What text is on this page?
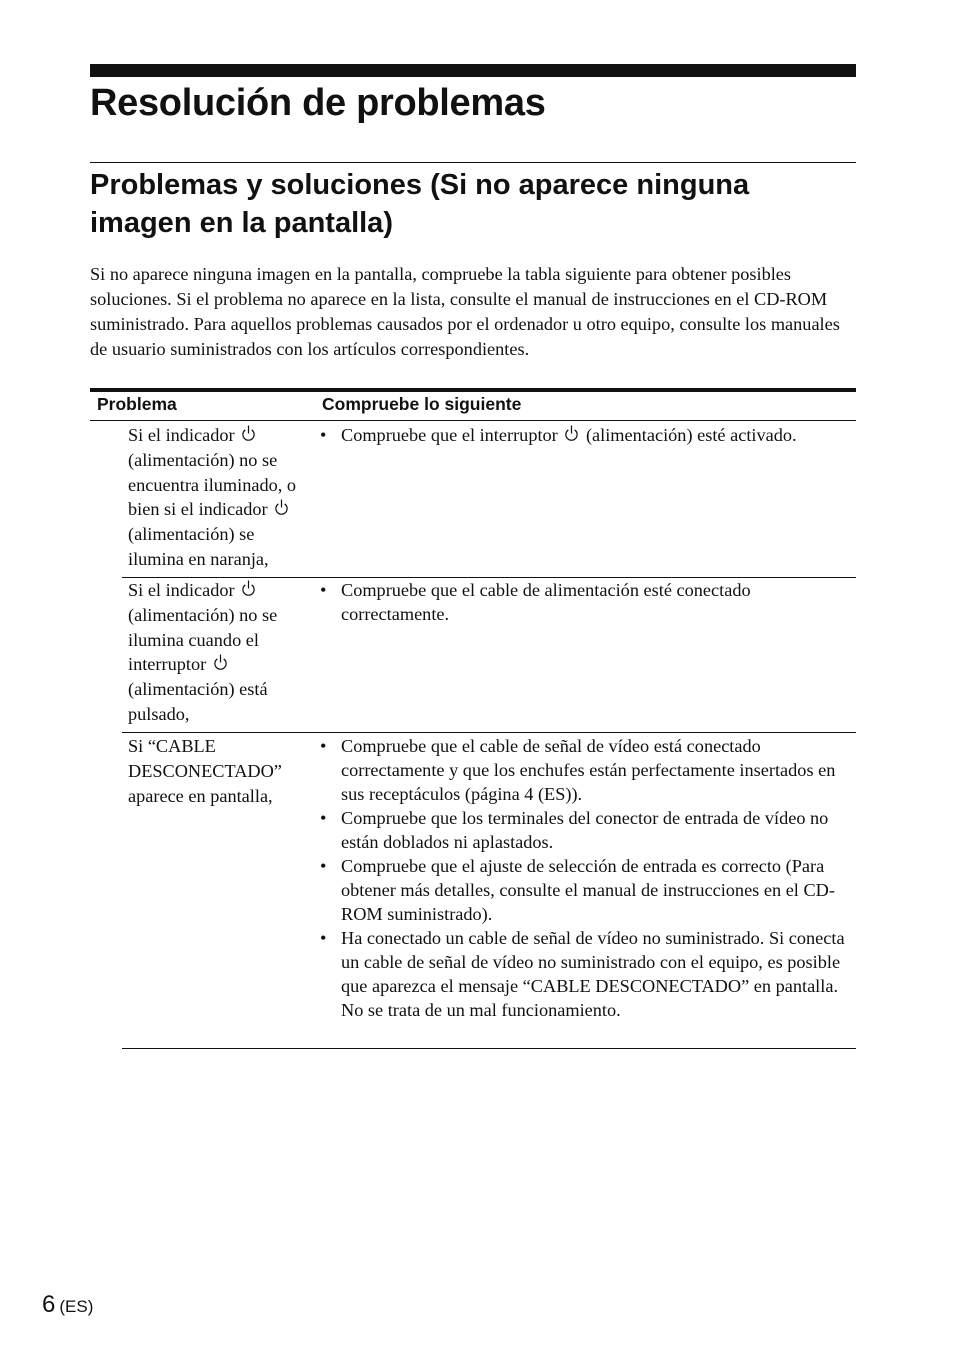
Resolución de problemas
Problemas y soluciones (Si no aparece ninguna imagen en la pantalla)

Si no aparece ninguna imagen en la pantalla, compruebe la tabla siguiente para obtener posibles soluciones. Si el problema no aparece en la lista, consulte el manual de instrucciones en el CD-ROM suministrado. Para aquellos problemas causados por el ordenador u otro equipo, consulte los manuales de usuario suministrados con los artículos correspondientes.

Problema	Compruebe lo siguiente

Si el indicador  (alimentación) no se encuentra iluminado, o bien si el indicador  (alimentación) se ilumina en naranja,

• Compruebe que el interruptor (alimentación) esté activado.

Si el indicador  (alimentación) no se ilumina cuando el interruptor  (alimentación) está pulsado,

• Compruebe que el cable de alimentación esté conectado correctamente.

Si “CABLE DESCONECTADO” aparece en pantalla,

• Compruebe que el cable de señal de vídeo está conectado correctamente y que los enchufes están perfectamente insertados en sus receptáculos (página 4 (ES)).
• Compruebe que los terminales del conector de entrada de vídeo no están doblados ni aplastados.
• Compruebe que el ajuste de selección de entrada es correcto (Para obtener más detalles, consulte el manual de instrucciones en el CD-ROM suministrado).
• Ha conectado un cable de señal de vídeo no suministrado. Si conecta un cable de señal de vídeo no suministrado con el equipo, es posible que aparezca el mensaje “CABLE DESCONECTADO” en pantalla. No se trata de un mal funcionamiento.
6 (ES)
